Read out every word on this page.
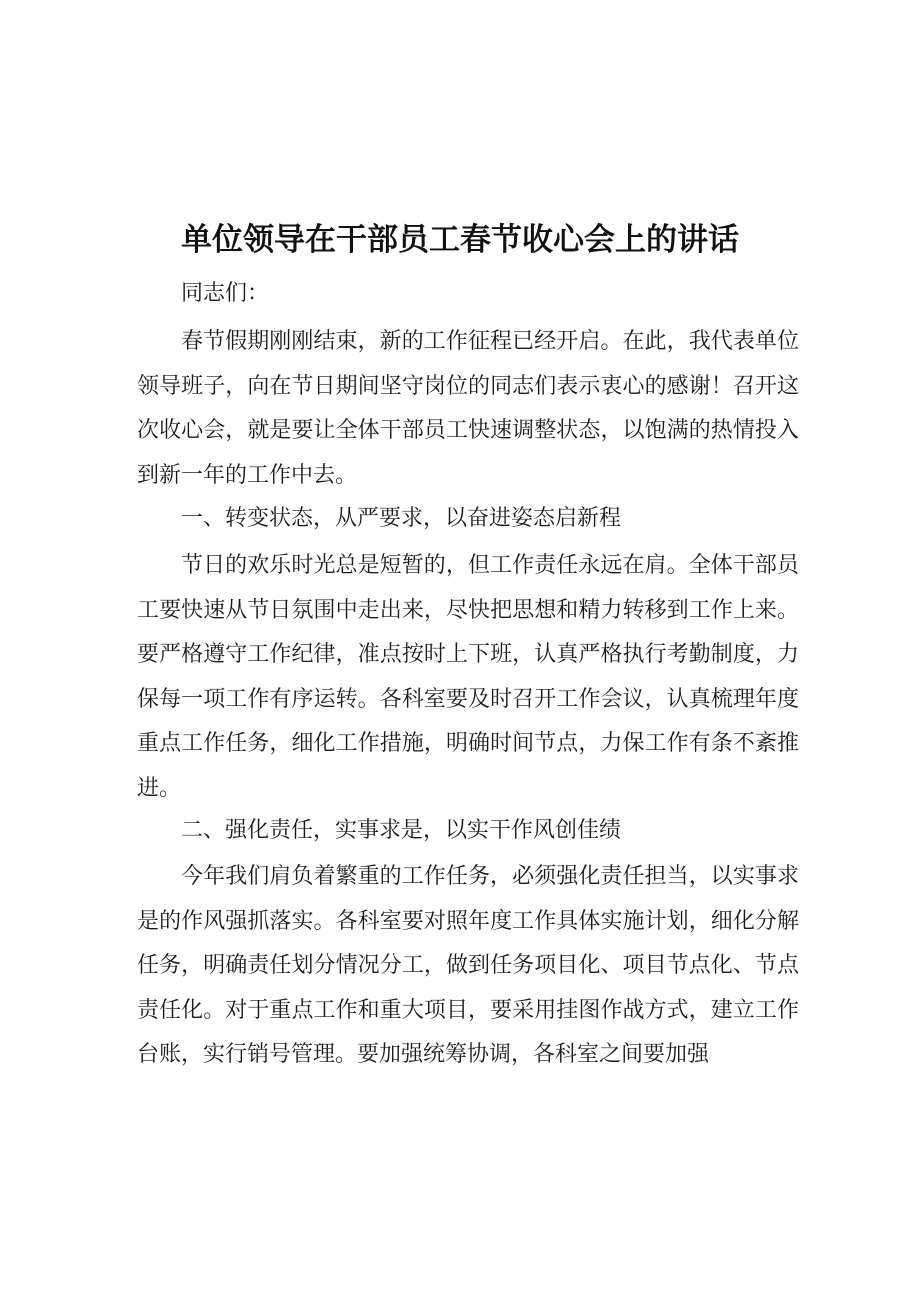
单位领导在干部员工春节收心会上的讲话

同志们：

春节假期刚刚结束，新的工作征程已经开启。在此，我代表单位领导班子，向在节日期间坚守岗位的同志们表示衷心的感谢！召开这次收心会，就是要让全体干部员工快速调整状态，以饱满的热情投入到新一年的工作中去。

一、转变状态，从严要求，以奋进姿态启新程

节日的欢乐时光总是短暂的，但工作责任永远在肩。全体干部员工要快速从节日氛围中走出来，尽快把思想和精力转移到工作上来。要严格遵守工作纪律，准点按时上下班，认真严格执行考勤制度，力保每一项工作有序运转。各科室要及时召开工作会议，认真梳理年度重点工作任务，细化工作措施，明确时间节点，力保工作有条不紊推进。

二、强化责任，实事求是，以实干作风创佳绩

今年我们肩负着繁重的工作任务，必须强化责任担当，以实事求是的作风强抓落实。各科室要对照年度工作具体实施计划，细化分解任务，明确责任划分情况分工，做到任务项目化、项目节点化、节点责任化。对于重点工作和重大项目，要采用挂图作战方式，建立工作台账，实行销号管理。要加强统筹协调，各科室之间要加强
